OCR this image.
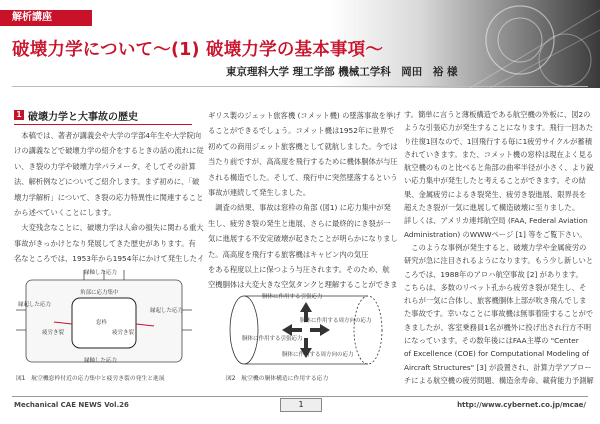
解析講座
破壊力学について〜(1) 破壊力学の基本事項〜
東京理科大学 理工学部 機械工学科　岡田　裕 様
1 破壊力学と大事故の歴史
　本稿では、著者が講義会や大学の学部4年生や大学院向
けの講義などで破壊力学の紹介をするときの話の流れに従
い、き裂の力学や破壊力学パラメータ、そしてその計算
法、解析例などについてご紹介します。まず初めに、「破
壊力学解析」について、き裂の応力特異性に関連すること
から述べていくことにします。
　大変残念なことに、破壊力学は人命の損失に関わる重大
事故がきっかけとなり発展してきた歴史があります。有
名なところでは、1953年から1954年にかけて発生したイ
縁軸した応力
縁起した応力
縁起した応力
縁軸した応力
角部に応力集中
窓枠
疲労き裂	疲労き裂
図1　航空機窓枠付近の応力集中と疲労き裂の発生と進展
ギリス製のジェット旅客機 (コメット機) の墜落事故を挙げ
ることができるでしょう。コメット機は1952年に世界で
初めての商用ジェット旅客機として就航しました。今では
当たり前ですが、高高度を飛行するために機体胴体が与圧
される構造でした。そして、飛行中に突然墜落するという
事故が連続して発生しました。
　調査の結果、事故は窓枠の角部 (図1) に応力集中が発
生し、疲労き裂の発生と進展、さらに最終的にき裂が一
気に進展する不安定破壊が起きたことが明らかになりまし
た。高高度を飛行する旅客機はキャビン内の気圧
をある程度以上に保つよう与圧されます。そのため、航
空機胴体は大変大きな空気タンクと理解することができま
胴体に作用する引張応力
胴体に作用する周方向の応力
胴体に作用する引張応力
胴体に作用する周方向の応力
図2　航空機の胴体構造に作用する応力
す。簡単に言うと薄板構造である航空機の外板に、図2の
ような引張応力が発生することになります。飛行一回あた
り往復1回なので、1回飛行する毎に1疲労サイクルが蓄積
されていきます。また、コメット機の窓枠は現在よく見る
航空機のものと比べると角部の曲率半径が小さく、より鋭
い応力集中が発生したと考えることができます。その結
果、金属疲労によるき裂発生、疲労き裂進展、限界長を
超えたき裂が一気に進展して構造破壊に至りました。
詳しくは、アメリカ連邦航空局 (FAA, Federal Aviation
Administration) のWWWページ [1] 等をご覧下さい。
　このような事例が発生すると、破壊力学や金属疲労の
研究が急に注目されるようになります。もう少し新しいと
ころでは、1988年のアロハ航空事故 [2] があります。
こちらは、多数のリベット孔から疲労き裂が発生し、そ
れらが一気に合体し、旅客機胴体上部が吹き飛んでしま
た事故です。幸いなことに事故機は無事着陸することがで
きましたが、客室乗務員1名が機外に投げ出され行方不明
になっています。その数年後にはFAA主導の "Center
of Excellence (COE) for Computational Modeling of
Aircraft Structures" [3] が設置され、計算力学アプロー
チによる航空機の疲労問題、構造余寿命、載荷能力予測解
Mechanical CAE NEWS Vol.26	1	http://www.cybernet.co.jp/mcae/
